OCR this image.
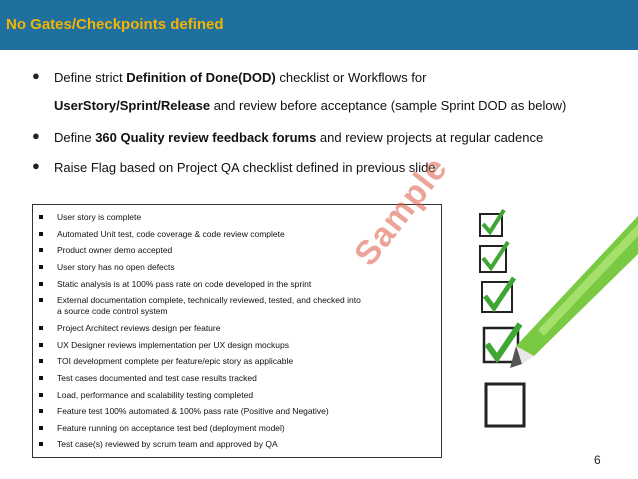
No Gates/Checkpoints defined
● Define strict Definition of Done(DOD) checklist or Workflows for
UserStory/Sprint/Release and review before acceptance (sample Sprint DOD as below)
● Define 360 Quality review feedback forums and review projects at regular cadence
● Raise Flag based on Project QA checklist defined in previous slide
User story is complete
Automated Unit test, code coverage & code review complete
Product owner demo accepted
User story has no open defects
Static analysis is at 100% pass rate on code developed in the sprint
External documentation complete, technically reviewed, tested, and checked into
a source code control system
Project Architect reviews design per feature
UX Designer reviews implementation per UX design mockups
TOI development complete per feature/epic story as applicable
Test cases documented and test case results tracked
Load, performance and scalability testing completed
Feature test 100% automated & 100% pass rate (Positive and Negative)
Feature running on acceptance test bed (deployment model)
Test case(s) reviewed by scrum team and approved by QA
Sample
6
